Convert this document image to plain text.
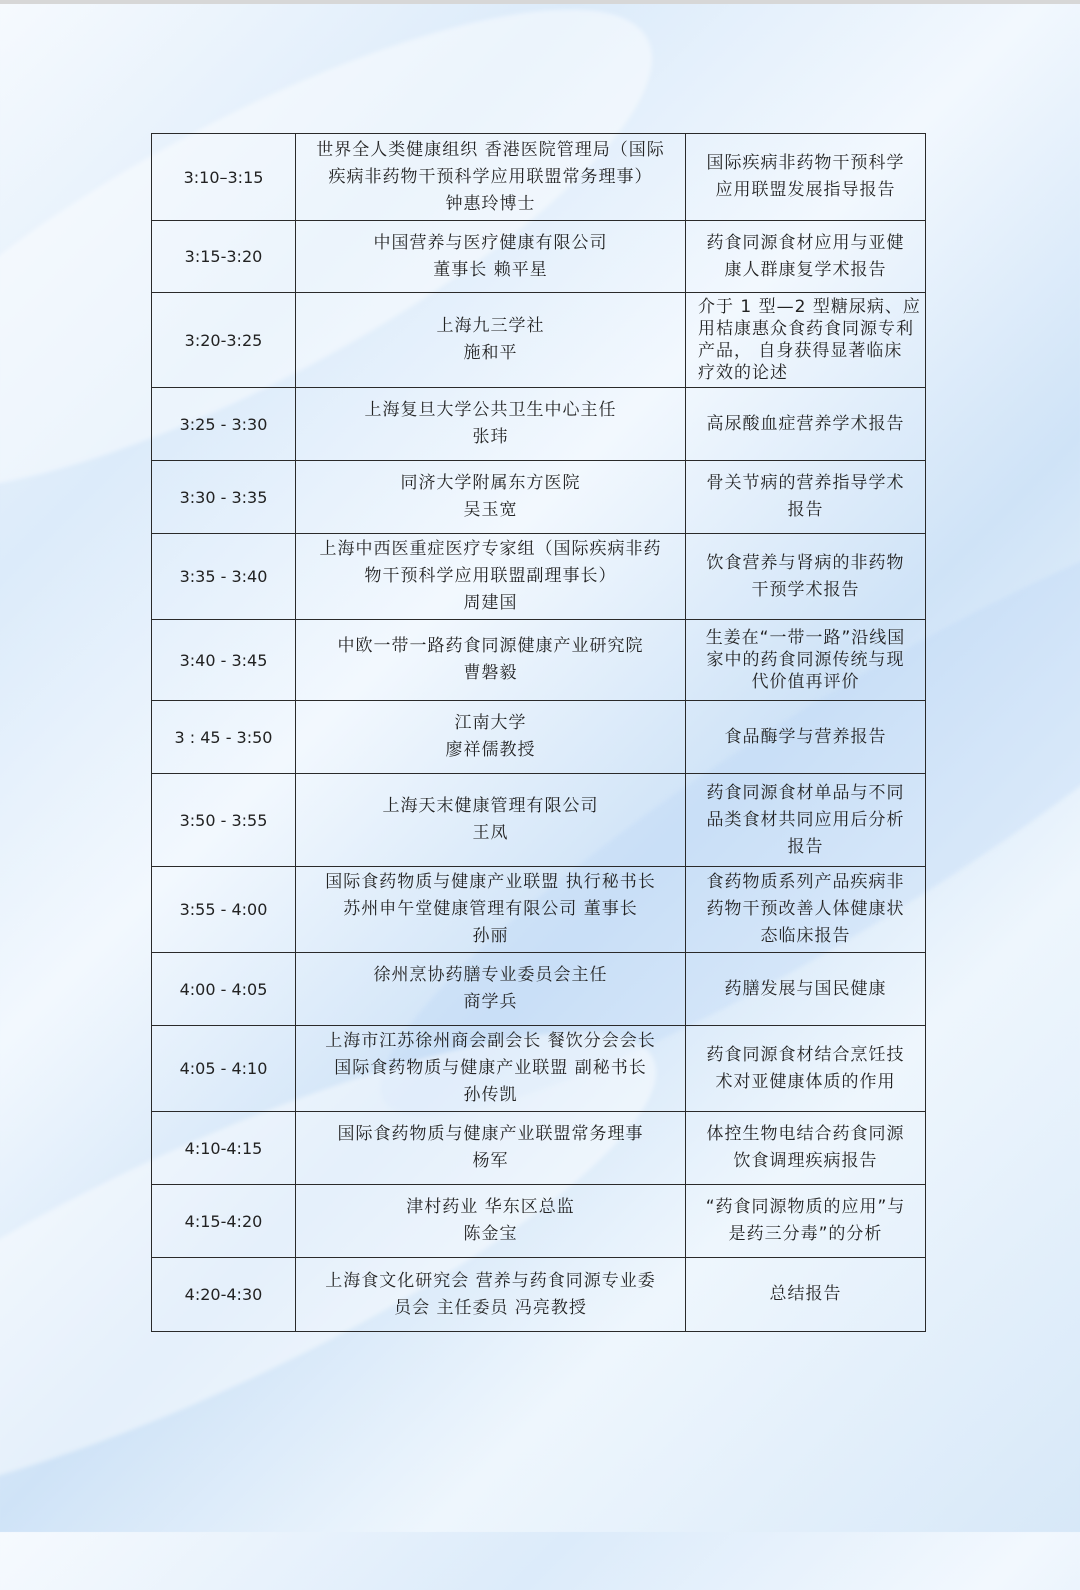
3:10–3:15	世界全人类健康组织 香港医院管理局（国际
疾病非药物干预科学应用联盟常务理事）
钟惠玲博士	国际疾病非药物干预科学
应用联盟发展指导报告

3:15-3:20	中国营养与医疗健康有限公司
董事长 赖平星	药食同源食材应用与亚健
康人群康复学术报告

3:20-3:25	上海九三学社
施和平	介于 1 型—2 型糖尿病、应
用桔康惠众食药食同源专利
产品， 自身获得显著临床
疗效的论述

3:25 - 3:30	上海复旦大学公共卫生中心主任
张玮	高尿酸血症营养学术报告

3:30 - 3:35	同济大学附属东方医院
吴玉宽	骨关节病的营养指导学术
报告

3:35 - 3:40	上海中西医重症医疗专家组（国际疾病非药
物干预科学应用联盟副理事长）
周建国	饮食营养与肾病的非药物
干预学术报告

3:40 - 3:45	中欧一带一路药食同源健康产业研究院
曹磐毅	生姜在“一带一路”沿线国
家中的药食同源传统与现
代价值再评价

3 : 45 - 3:50	江南大学
廖祥儒教授	食品酶学与营养报告

3:50 - 3:55	上海天末健康管理有限公司
王凤	药食同源食材单品与不同
品类食材共同应用后分析
报告

3:55 - 4:00	国际食药物质与健康产业联盟 执行秘书长
苏州申午堂健康管理有限公司 董事长
孙丽	食药物质系列产品疾病非
药物干预改善人体健康状
态临床报告

4:00 - 4:05	徐州烹协药膳专业委员会主任
商学兵	药膳发展与国民健康

4:05 - 4:10	上海市江苏徐州商会副会长 餐饮分会会长
国际食药物质与健康产业联盟 副秘书长
孙传凯	药食同源食材结合烹饪技
术对亚健康体质的作用

4:10-4:15	国际食药物质与健康产业联盟常务理事
杨军	体控生物电结合药食同源
饮食调理疾病报告

4:15-4:20	津村药业 华东区总监
陈金宝	“药食同源物质的应用”与
是药三分毒”的分析

4:20-4:30	上海食文化研究会 营养与药食同源专业委
员会 主任委员 冯亮教授	总结报告
